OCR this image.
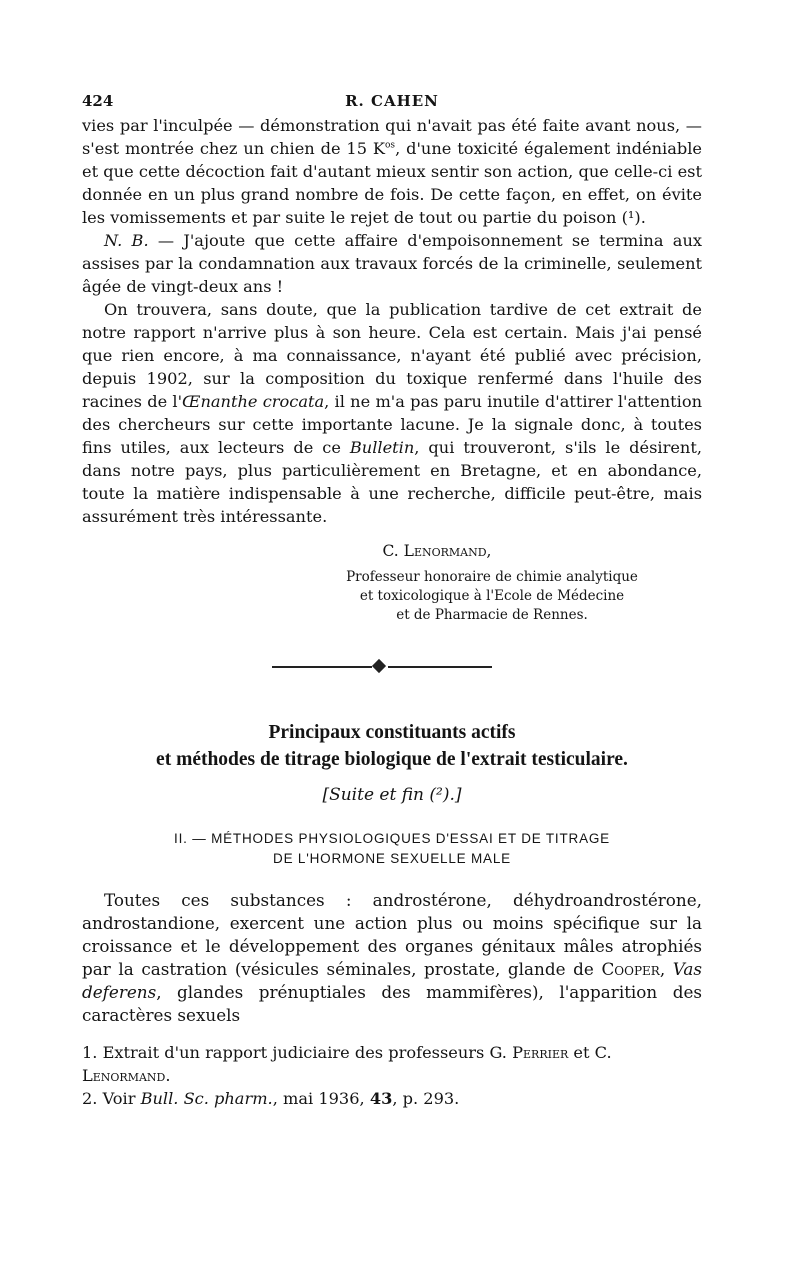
424	R. CAHEN

vies par l'inculpée — démonstration qui n'avait pas été faite avant nous, — s'est montrée chez un chien de 15 $K^{os}$, d'une toxicité également indéniable et que cette décoction fait d'autant mieux sentir son action, que celle-ci est donnée en un plus grand nombre de fois. De cette façon, en effet, on évite les vomissements et par suite le rejet de tout ou partie du poison (¹).

N. B. — J'ajoute que cette affaire d'empoisonnement se termina aux assises par la condamnation aux travaux forcés de la criminelle, seulement âgée de vingt-deux ans !

On trouvera, sans doute, que la publication tardive de cet extrait de notre rapport n'arrive plus à son heure. Cela est certain. Mais j'ai pensé que rien encore, à ma connaissance, n'ayant été publié avec précision, depuis 1902, sur la composition du toxique renfermé dans l'huile des racines de l'Œnanthe crocata, il ne m'a pas paru inutile d'attirer l'attention des chercheurs sur cette importante lacune. Je la signale donc, à toutes fins utiles, aux lecteurs de ce Bulletin, qui trouveront, s'ils le désirent, dans notre pays, plus particulièrement en Bretagne, et en abondance, toute la matière indispensable à une recherche, difficile peut-être, mais assurément très intéressante.

C. Lenormand,
Professeur honoraire de chimie analytique
et toxicologique à l'Ecole de Médecine
et de Pharmacie de Rennes.
Principaux constituants actifs
et méthodes de titrage biologique de l'extrait testiculaire.
[Suite et fin (²).]
II. — MÉTHODES PHYSIOLOGIQUES D'ESSAI ET DE TITRAGE
DE L'HORMONE SEXUELLE MALE

Toutes ces substances : androstérone, déhydroandrostérone, androstandione, exercent une action plus ou moins spécifique sur la croissance et le développement des organes génitaux mâles atrophiés par la castration (vésicules séminales, prostate, glande de Cooper, Vas deferens, glandes prénuptiales des mammifères), l'apparition des caractères sexuels

1. Extrait d'un rapport judiciaire des professeurs G. Perrier et C. Lenormand.

2. Voir Bull. Sc. pharm., mai 1936, 43, p. 293.
